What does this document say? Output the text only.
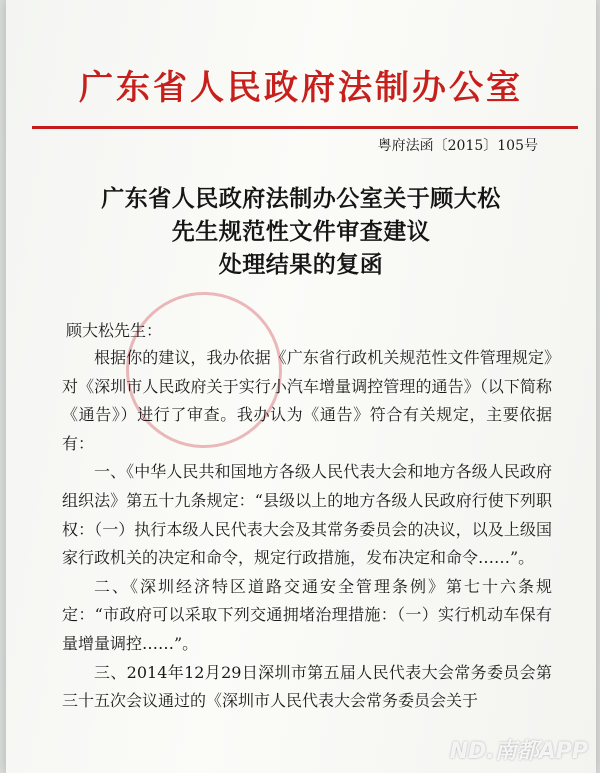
广东省人民政府法制办公室
粤府法函〔2015〕105号
广东省人民政府法制办公室关于顾大松
先生规范性文件审查建议
处理结果的复函
顾大松先生：

根据你的建议，我办依据《广东省行政机关规范性文件管理规定》对《深圳市人民政府关于实行小汽车增量调控管理的通告》（以下简称《通告》）进行了审查。我办认为《通告》符合有关规定，主要依据有：

一、《中华人民共和国地方各级人民代表大会和地方各级人民政府组织法》第五十九条规定：“县级以上的地方各级人民政府行使下列职权：（一）执行本级人民代表大会及其常务委员会的决议，以及上级国家行政机关的决定和命令，规定行政措施，发布决定和命令……”。

二、《深圳经济特区道路交通安全管理条例》第七十六条规定：“市政府可以采取下列交通拥堵治理措施：（一）实行机动车保有量增量调控……”。

三、2014年12月29日深圳市第五届人民代表大会常务委员会第三十五次会议通过的《深圳市人民代表大会常务委员会关于

ND.南都APP
